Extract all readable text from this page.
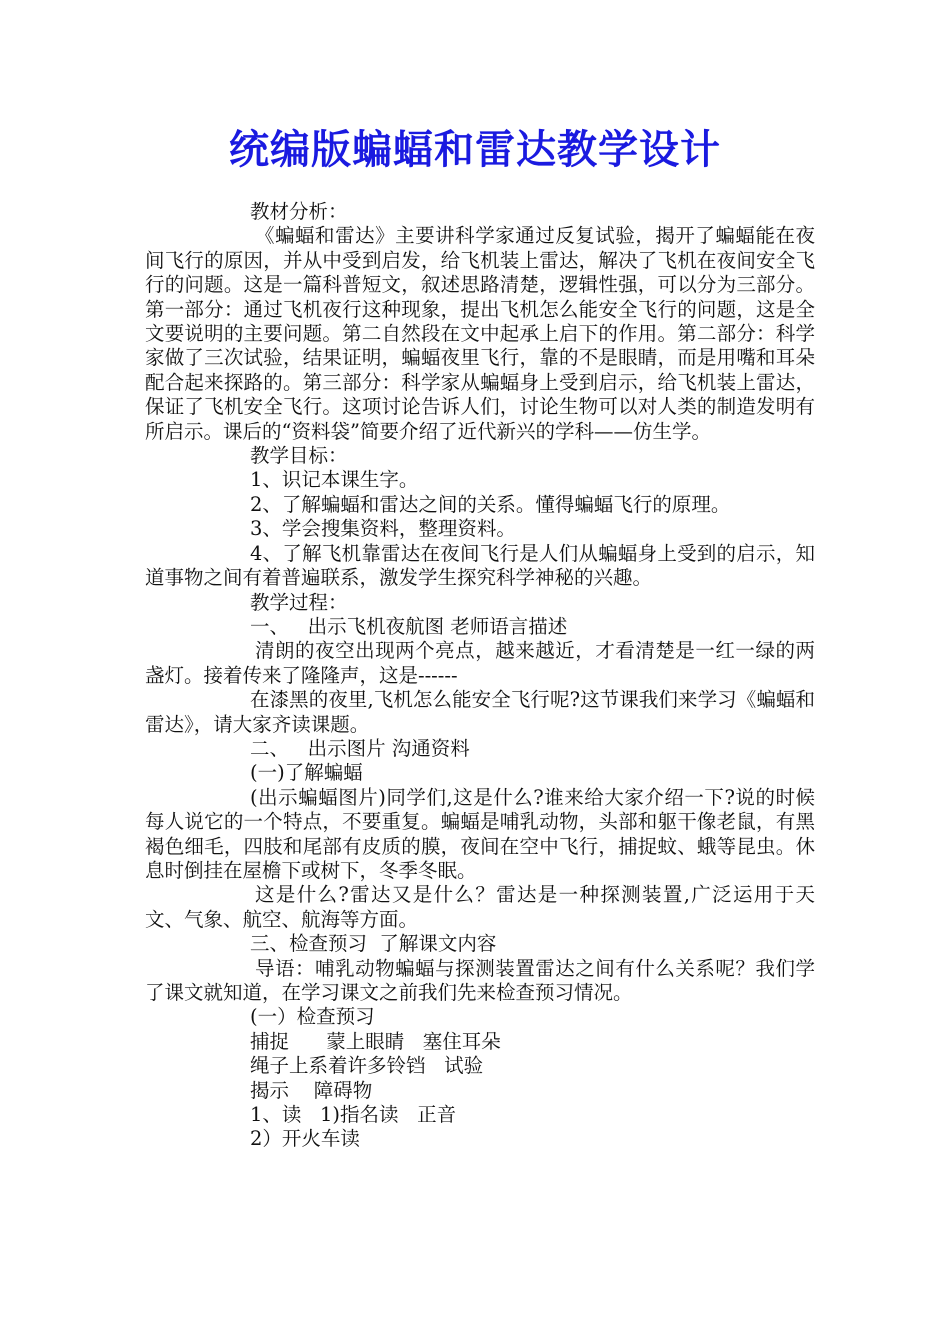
统编版蝙蝠和雷达教学设计

教材分析：

《蝙蝠和雷达》主要讲科学家通过反复试验，揭开了蝙蝠能在夜间飞行的原因，并从中受到启发，给飞机装上雷达，解决了飞机在夜间安全飞行的问题。这是一篇科普短文，叙述思路清楚，逻辑性强，可以分为三部分。第一部分：通过飞机夜行这种现象，提出飞机怎么能安全飞行的问题，这是全文要说明的主要问题。第二自然段在文中起承上启下的作用。第二部分：科学家做了三次试验，结果证明，蝙蝠夜里飞行，靠的不是眼睛，而是用嘴和耳朵配合起来探路的。第三部分：科学家从蝙蝠身上受到启示，给飞机装上雷达，保证了飞机安全飞行。这项讨论告诉人们，讨论生物可以对人类的制造发明有所启示。课后的“资料袋”简要介绍了近代新兴的学科——仿生学。

教学目标：

1、识记本课生字。

2、了解蝙蝠和雷达之间的关系。懂得蝙蝠飞行的原理。

3、学会搜集资料，整理资料。

4、了解飞机靠雷达在夜间飞行是人们从蝙蝠身上受到的启示，知道事物之间有着普遍联系，激发学生探究科学神秘的兴趣。

教学过程：

一、   出示飞机夜航图 老师语言描述

清朗的夜空出现两个亮点，越来越近，才看清楚是一红一绿的两盏灯。接着传来了隆隆声，这是------

在漆黑的夜里,飞机怎么能安全飞行呢?这节课我们来学习《蝙蝠和雷达》，请大家齐读课题。

二、   出示图片 沟通资料

(一)了解蝙蝠

(出示蝙蝠图片)同学们,这是什么?谁来给大家介绍一下?说的时候每人说它的一个特点，不要重复。蝙蝠是哺乳动物，头部和躯干像老鼠，有黑褐色细毛，四肢和尾部有皮质的膜，夜间在空中飞行，捕捉蚊、蛾等昆虫。休息时倒挂在屋檐下或树下，冬季冬眠。

这是什么?雷达又是什么？雷达是一种探测装置,广泛运用于天文、气象、航空、航海等方面。

三、检查预习  了解课文内容

导语：哺乳动物蝙蝠与探测装置雷达之间有什么关系呢？我们学了课文就知道，在学习课文之前我们先来检查预习情况。

(一）检查预习

捕捉      蒙上眼睛   塞住耳朵

绳子上系着许多铃铛   试验

揭示    障碍物

1、读   1)指名读   正音

2）开火车读
